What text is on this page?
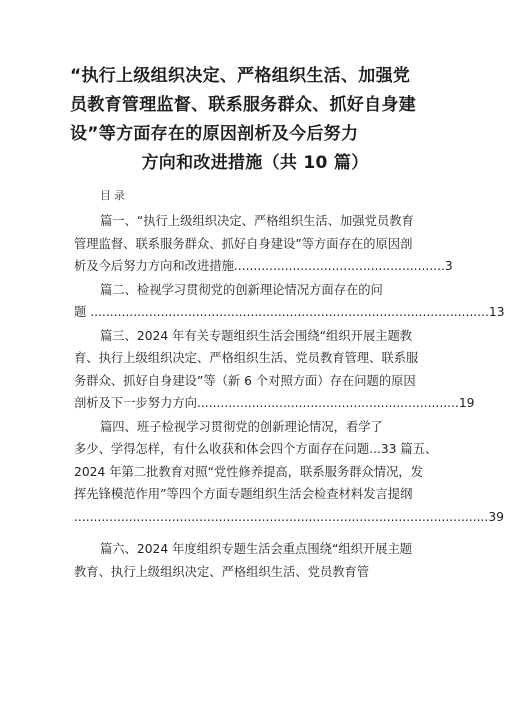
“执行上级组织决定、严格组织生活、加强党
员教育管理监督、联系服务群众、抓好自身建
设”等方面存在的原因剖析及今后努力
方向和改进措施（共 10 篇）
目录
篇一、“执行上级组织决定、严格组织生活、加强党员教育
管理监督、联系服务群众、抓好自身建设”等方面存在的原因剖
析及今后努力方向和改进措施......................................................3
篇二、检视学习贯彻党的创新理论情况方面存在的问
题 ......................................................................................................13
篇三、2024 年有关专题组织生活会围绕“组织开展主题教
育、执行上级组织决定、严格组织生活、党员教育管理、联系服
务群众、抓好自身建设”等（新 6 个对照方面）存在问题的原因
剖析及下一步努力方向...................................................................19
篇四、班子检视学习贯彻党的创新理论情况，看学了
多少、学得怎样，有什么收获和体会四个方面存在问题...33 篇五、
2024 年第二批教育对照“党性修养提高，联系服务群众情况，发
挥先锋模范作用”等四个方面专题组织生活会检查材料发言提纲
..........................................................................................................39
篇六、2024 年度组织专题生活会重点围绕“组织开展主题
教育、执行上级组织决定、严格组织生活、党员教育管
